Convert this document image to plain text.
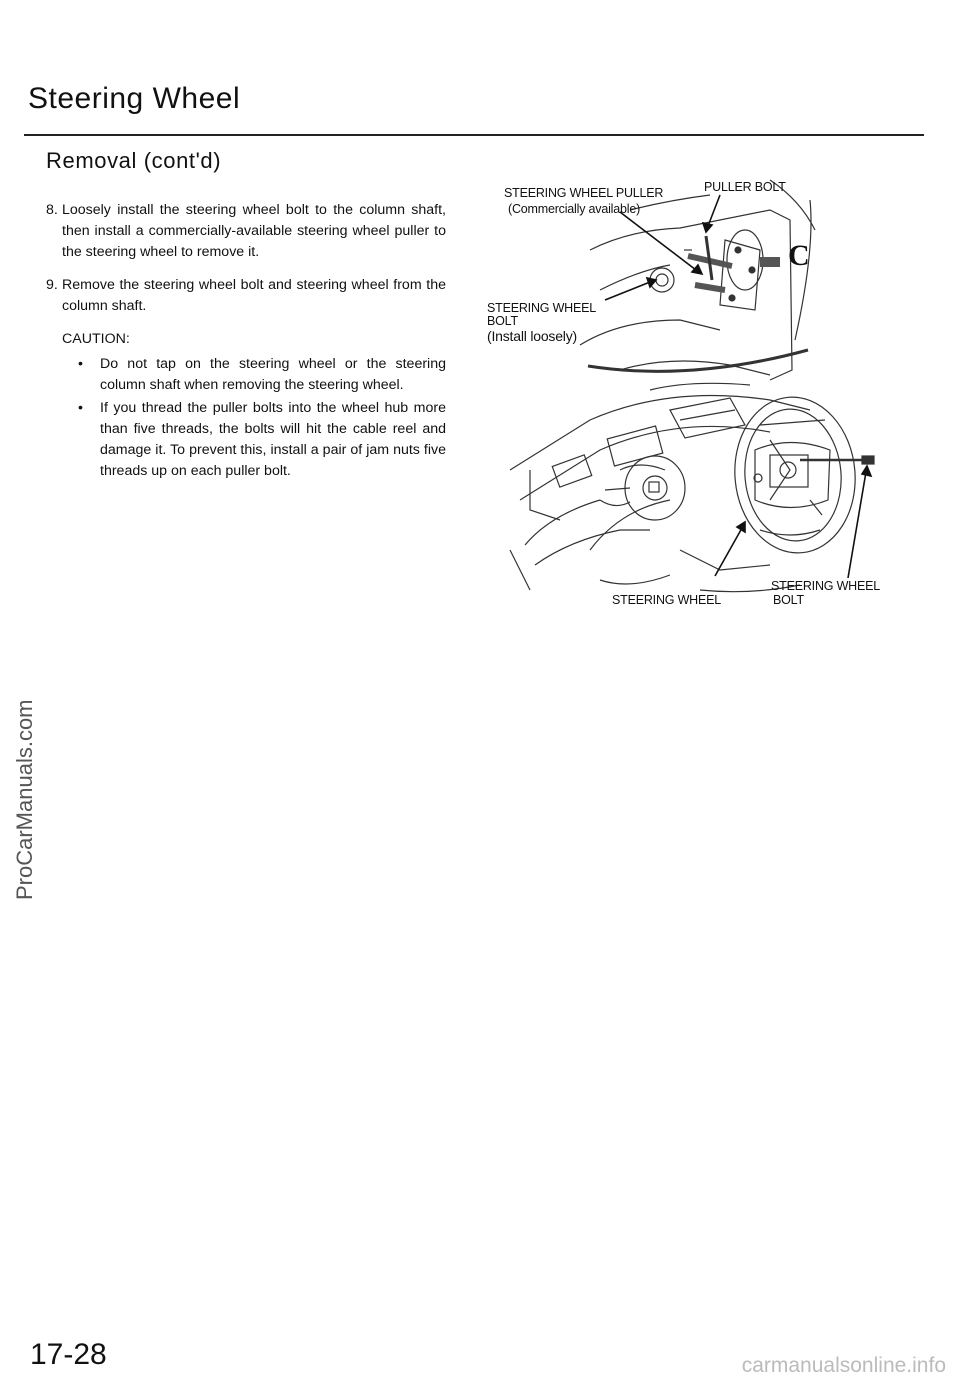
Steering Wheel
Removal (cont'd)
8. Loosely install the steering wheel bolt to the column shaft, then install a commercially-available steering wheel puller to the steering wheel to remove it.
9. Remove the steering wheel bolt and steering wheel from the column shaft.
CAUTION:
• Do not tap on the steering wheel or the steering column shaft when removing the steering wheel.
• If you thread the puller bolts into the wheel hub more than five threads, the bolts will hit the cable reel and damage it. To prevent this, install a pair of jam nuts five threads up on each puller bolt.
C
STEERING WHEEL PULLER
(Commercially available)
PULLER BOLT
STEERING WHEEL
BOLT
(Install loosely)
STEERING WHEEL
STEERING WHEEL
BOLT
ProCarManuals.com
17-28	carmanualsonline.info
